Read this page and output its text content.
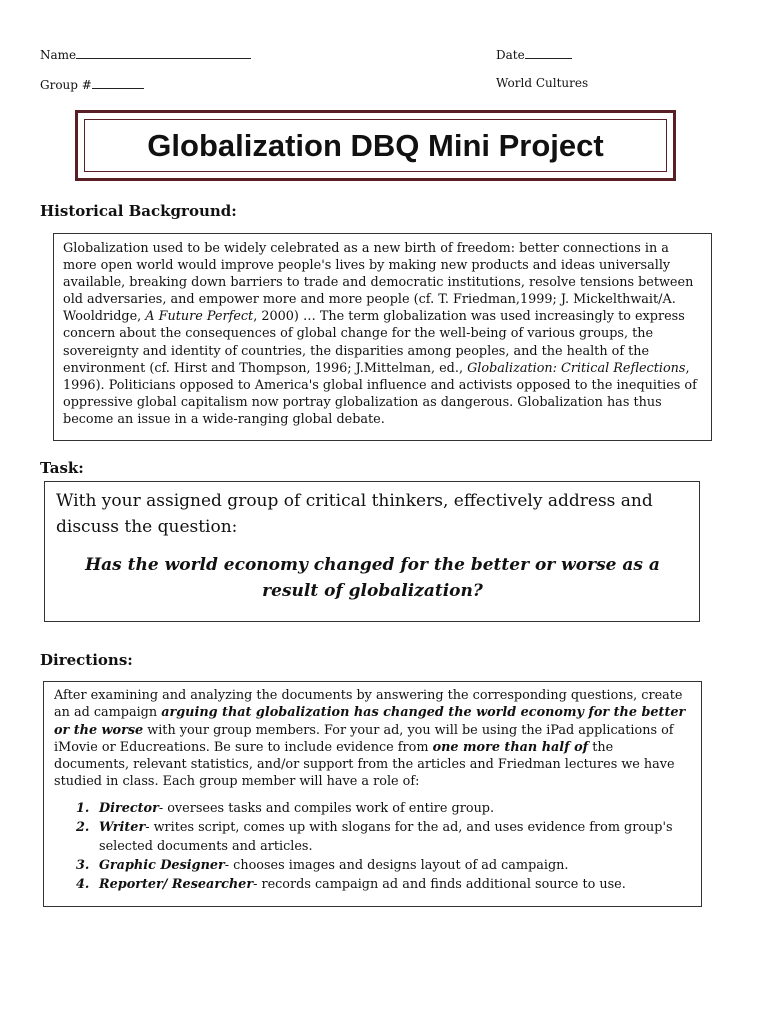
Name	Date
Group #	World Cultures
Globalization DBQ Mini Project
Historical Background:

Globalization used to be widely celebrated as a new birth of freedom: better connections in a more open world would improve people's lives by making new products and ideas universally available, breaking down barriers to trade and democratic institutions, resolve tensions between old adversaries, and empower more and more people (cf. T. Friedman,1999; J. Mickelthwait/A. Wooldridge, A Future Perfect, 2000) … The term globalization was used increasingly to express concern about the consequences of global change for the well-being of various groups, the sovereignty and identity of countries, the disparities among peoples, and the health of the environment (cf. Hirst and Thompson, 1996; J.Mittelman, ed., Globalization: Critical Reflections, 1996). Politicians opposed to America's global influence and activists opposed to the inequities of oppressive global capitalism now portray globalization as dangerous. Globalization has thus become an issue in a wide-ranging global debate.

Task:

With your assigned group of critical thinkers, effectively address and discuss the question:

Has the world economy changed for the better or worse as a result of globalization?

Directions:

After examining and analyzing the documents by answering the corresponding questions, create an ad campaign arguing that globalization has changed the world economy for the better or the worse with your group members. For your ad, you will be using the iPad applications of iMovie or Educreations. Be sure to include evidence from one more than half of the documents, relevant statistics, and/or support from the articles and Friedman lectures we have studied in class. Each group member will have a role of:

1. Director- oversees tasks and compiles work of entire group.
2. Writer- writes script, comes up with slogans for the ad, and uses evidence from group's selected documents and articles.
3. Graphic Designer- chooses images and designs layout of ad campaign.
4. Reporter/ Researcher- records campaign ad and finds additional source to use.
